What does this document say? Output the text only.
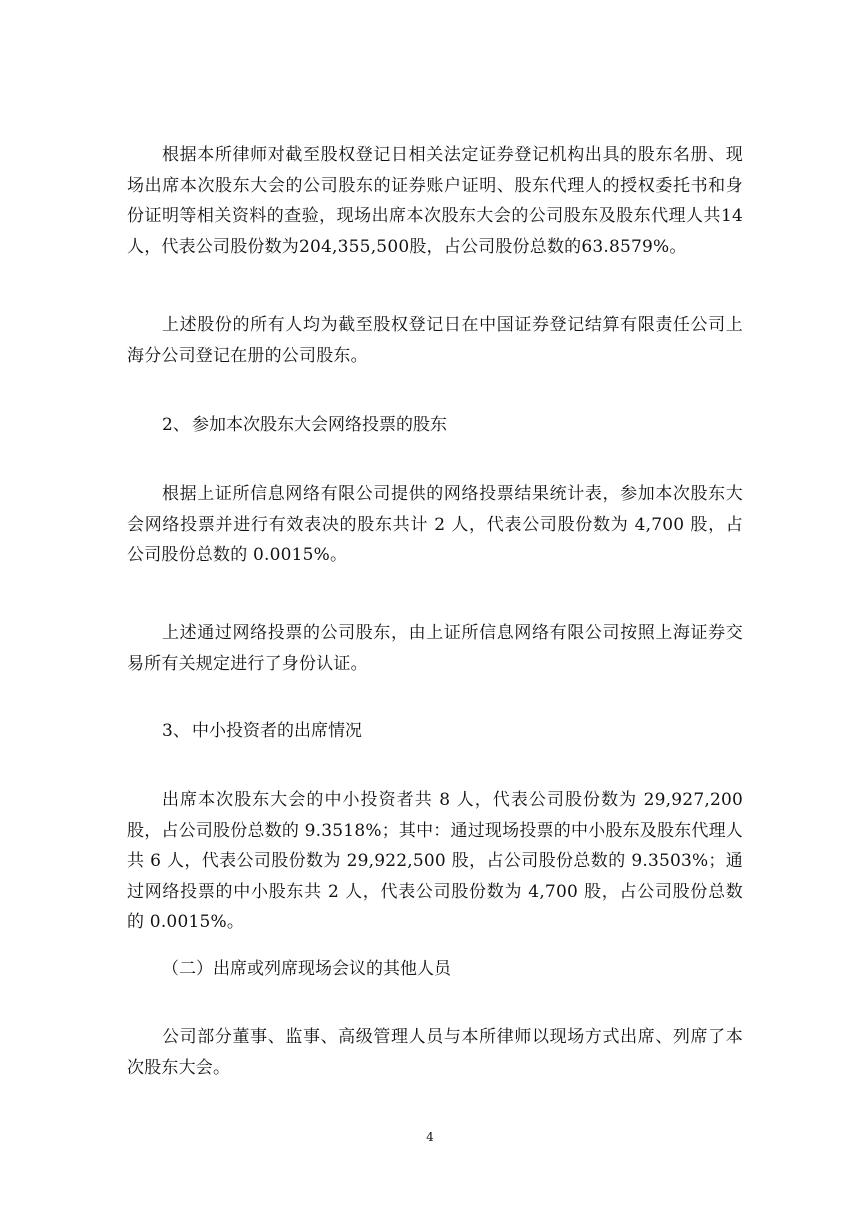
根据本所律师对截至股权登记日相关法定证券登记机构出具的股东名册、现场出席本次股东大会的公司股东的证券账户证明、股东代理人的授权委托书和身份证明等相关资料的查验，现场出席本次股东大会的公司股东及股东代理人共14人，代表公司股份数为204,355,500股，占公司股份总数的63.8579%。

上述股份的所有人均为截至股权登记日在中国证券登记结算有限责任公司上海分公司登记在册的公司股东。

2、 参加本次股东大会网络投票的股东

根据上证所信息网络有限公司提供的网络投票结果统计表，参加本次股东大会网络投票并进行有效表决的股东共计 2 人，代表公司股份数为 4,700 股，占公司股份总数的 0.0015%。

上述通过网络投票的公司股东，由上证所信息网络有限公司按照上海证券交易所有关规定进行了身份认证。

3、 中小投资者的出席情况

出席本次股东大会的中小投资者共 8 人，代表公司股份数为 29,927,200 股，占公司股份总数的 9.3518%；其中：通过现场投票的中小股东及股东代理人共 6 人，代表公司股份数为 29,922,500 股，占公司股份总数的 9.3503%；通过网络投票的中小股东共 2 人，代表公司股份数为 4,700 股，占公司股份总数的 0.0015%。

（二）出席或列席现场会议的其他人员

公司部分董事、监事、高级管理人员与本所律师以现场方式出席、列席了本次股东大会。

4
